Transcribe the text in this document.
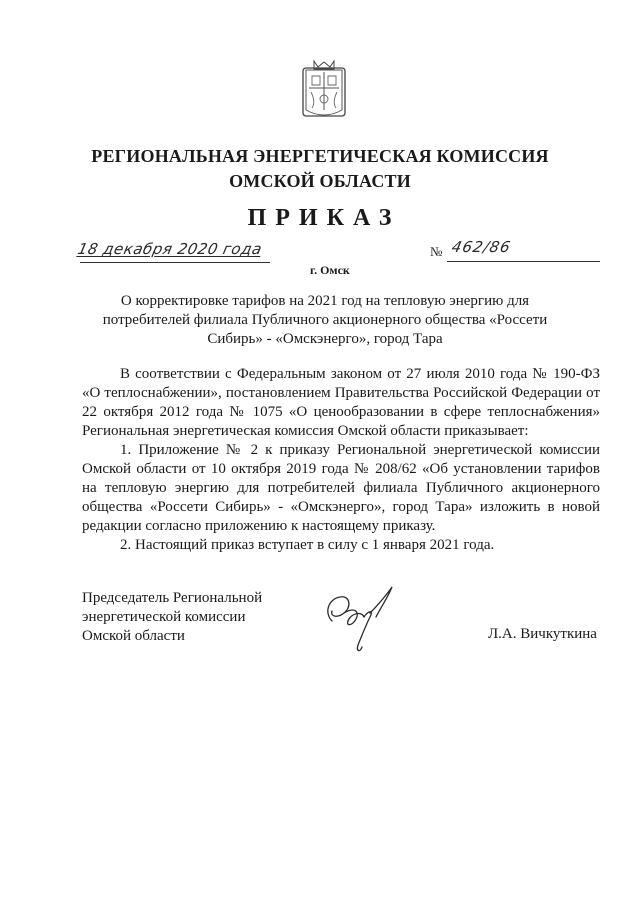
РЕГИОНАЛЬНАЯ ЭНЕРГЕТИЧЕСКАЯ КОМИССИЯ
ОМСКОЙ ОБЛАСТИ
ПРИКАЗ
18 декабря 2020 года
г. Омск
№ 462/86
О корректировке тарифов на 2021 год на тепловую энергию для
потребителей филиала Публичного акционерного общества «Россети
Сибирь» - «Омскэнерго», город Тара

В соответствии с Федеральным законом от 27 июля 2010 года № 190-ФЗ «О теплоснабжении», постановлением Правительства Российской Федерации от 22 октября 2012 года № 1075 «О ценообразовании в сфере теплоснабжения» Региональная энергетическая комиссия Омской области приказывает:

1. Приложение № 2 к приказу Региональной энергетической комиссии Омской области от 10 октября 2019 года № 208/62 «Об установлении тарифов на тепловую энергию для потребителей филиала Публичного акционерного общества «Россети Сибирь» - «Омскэнерго», город Тара» изложить в новой редакции согласно приложению к настоящему приказу.

2. Настоящий приказ вступает в силу с 1 января 2021 года.

Председатель Региональной
энергетической комиссии
Омской области	Л.А. Вичкуткина
